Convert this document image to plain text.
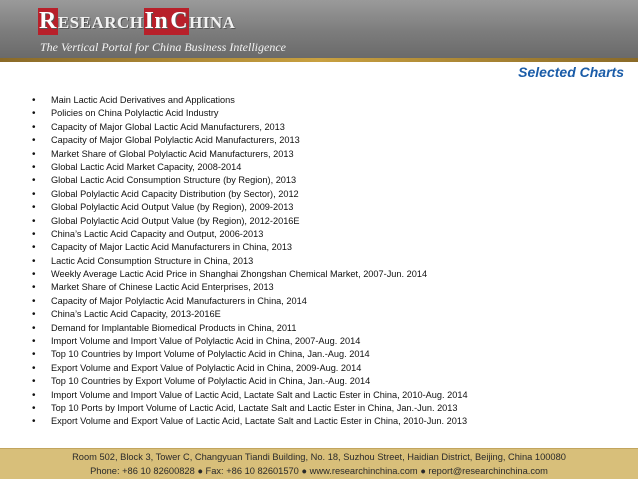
RESEARCHInCHINA
The Vertical Portal for China Business Intelligence
Selected Charts
• Main Lactic Acid Derivatives and Applications
• Policies on China Polylactic Acid Industry
• Capacity of Major Global Lactic Acid Manufacturers, 2013
• Capacity of Major Global Polylactic Acid Manufacturers, 2013
• Market Share of Global Polylactic Acid Manufacturers, 2013
• Global Lactic Acid Market Capacity, 2008-2014
• Global Lactic Acid Consumption Structure (by Region), 2013
• Global Polylactic Acid Capacity Distribution (by Sector), 2012
• Global Polylactic Acid Output Value (by Region), 2009-2013
• Global Polylactic Acid Output Value (by Region), 2012-2016E
• China’s Lactic Acid Capacity and Output, 2006-2013
• Capacity of Major Lactic Acid Manufacturers in China, 2013
• Lactic Acid Consumption Structure in China, 2013
• Weekly Average Lactic Acid Price in Shanghai Zhongshan Chemical Market, 2007-Jun. 2014
• Market Share of Chinese Lactic Acid Enterprises, 2013
• Capacity of Major Polylactic Acid Manufacturers in China, 2014
• China’s Lactic Acid Capacity, 2013-2016E
• Demand for Implantable Biomedical Products in China, 2011
• Import Volume and Import Value of Polylactic Acid in China, 2007-Aug. 2014
• Top 10 Countries by Import Volume of Polylactic Acid in China, Jan.-Aug. 2014
• Export Volume and Export Value of Polylactic Acid in China, 2009-Aug. 2014
• Top 10 Countries by Export Volume of Polylactic Acid in China, Jan.-Aug. 2014
• Import Volume and Import Value of Lactic Acid, Lactate Salt and Lactic Ester in China, 2010-Aug. 2014
• Top 10 Ports by Import Volume of Lactic Acid, Lactate Salt and Lactic Ester in China, Jan.-Jun. 2013
• Export Volume and Export Value of Lactic Acid, Lactate Salt and Lactic Ester in China, 2010-Jun. 2013
Room 502, Block 3, Tower C, Changyuan Tiandi Building, No. 18, Suzhou Street, Haidian District, Beijing, China 100080
Phone: +86 10 82600828 ● Fax: +86 10 82601570 ● www.researchinchina.com ● report@researchinchina.com
